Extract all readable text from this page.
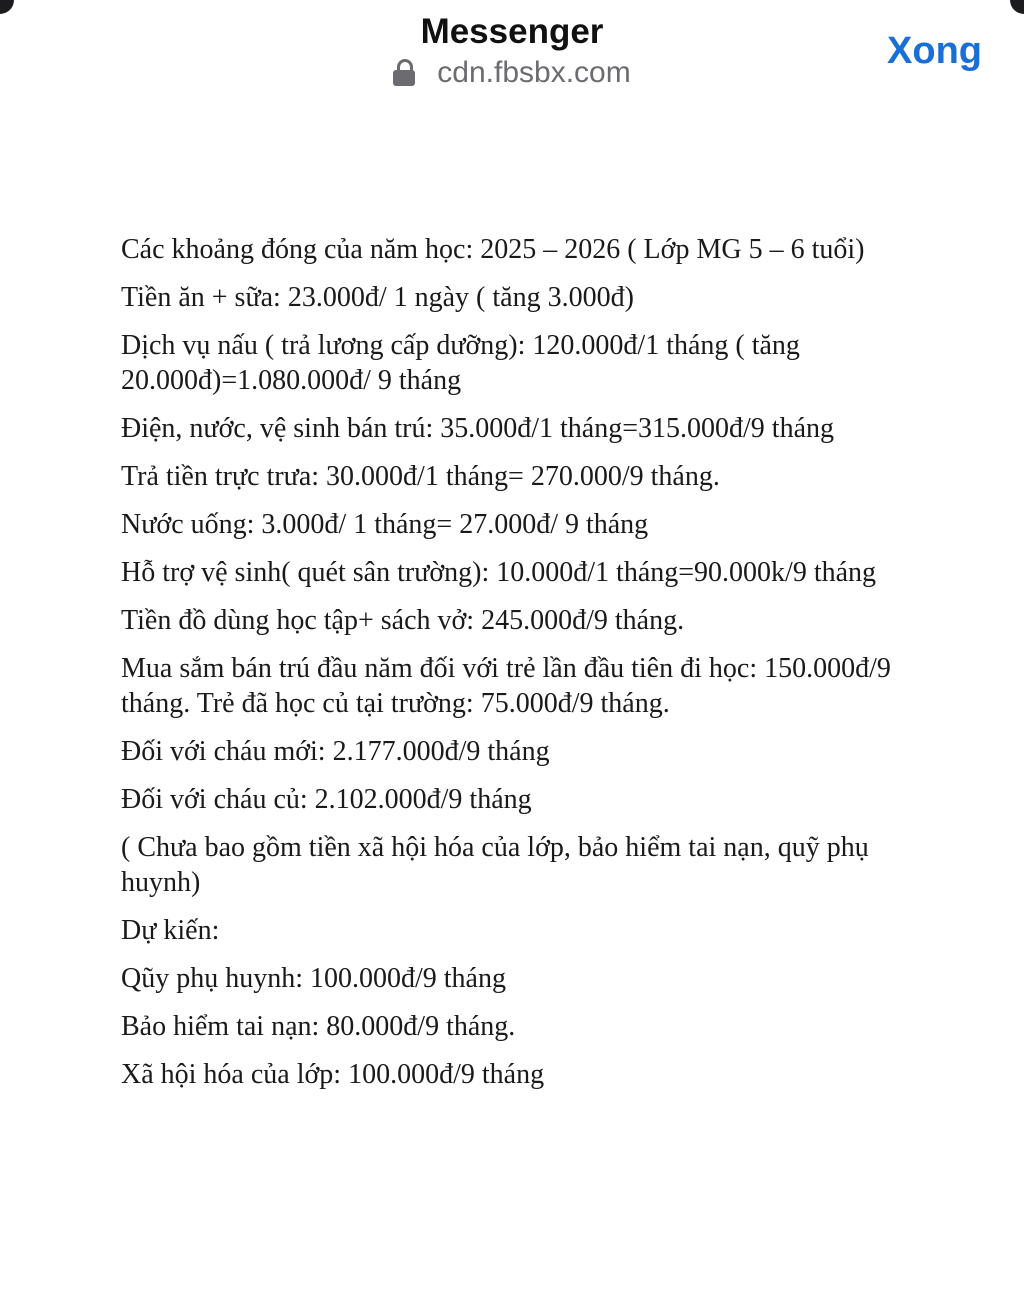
Messenger
cdn.fbsbx.com
Xong

Các khoảng đóng của năm học: 2025 – 2026 ( Lớp MG 5 – 6 tuổi)

Tiền ăn + sữa: 23.000đ/ 1 ngày ( tăng 3.000đ)

Dịch vụ nấu ( trả lương cấp dưỡng): 120.000đ/1 tháng ( tăng 20.000đ)=1.080.000đ/ 9 tháng

Điện, nước, vệ sinh bán trú: 35.000đ/1 tháng=315.000đ/9 tháng

Trả tiền trực trưa: 30.000đ/1 tháng= 270.000/9 tháng.

Nước uống: 3.000đ/ 1 tháng= 27.000đ/ 9 tháng

Hỗ trợ vệ sinh( quét sân trường): 10.000đ/1 tháng=90.000k/9 tháng

Tiền đồ dùng học tập+ sách vở: 245.000đ/9 tháng.

Mua sắm bán trú đầu năm đối với trẻ lần đầu tiên đi học: 150.000đ/9 tháng. Trẻ đã học củ tại trường: 75.000đ/9 tháng.

Đối với cháu mới: 2.177.000đ/9 tháng

Đối với cháu củ: 2.102.000đ/9 tháng

( Chưa bao gồm tiền xã hội hóa của lớp, bảo hiểm tai nạn, quỹ phụ huynh)

Dự kiến:

Qũy phụ huynh: 100.000đ/9 tháng

Bảo hiểm tai nạn: 80.000đ/9 tháng.

Xã hội hóa của lớp: 100.000đ/9 tháng
